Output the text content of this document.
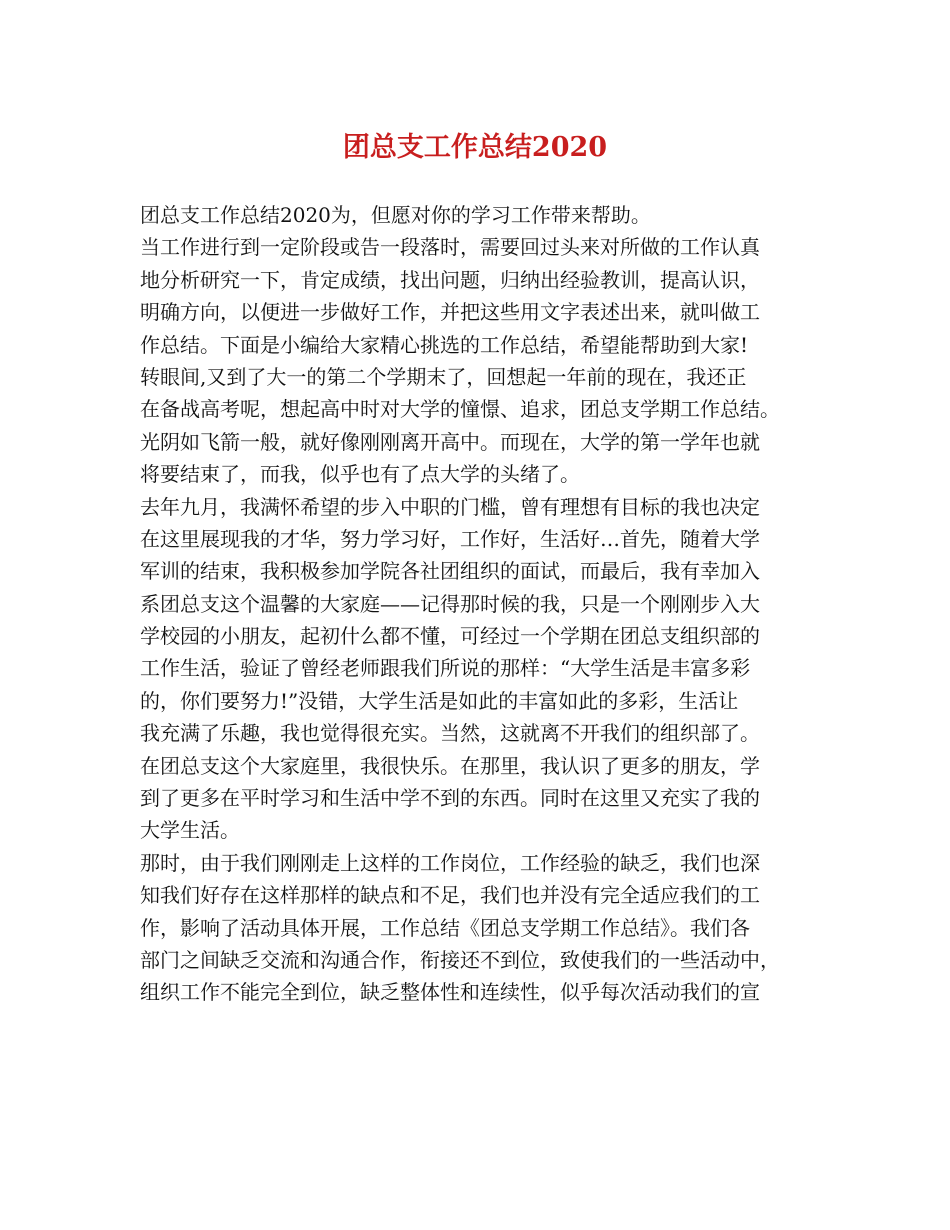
团总支工作总结2020
团总支工作总结2020为，但愿对你的学习工作带来帮助。
当工作进行到一定阶段或告一段落时，需要回过头来对所做的工作认真
地分析研究一下，肯定成绩，找出问题，归纳出经验教训，提高认识，
明确方向，以便进一步做好工作，并把这些用文字表述出来，就叫做工
作总结。下面是小编给大家精心挑选的工作总结，希望能帮助到大家!
转眼间,又到了大一的第二个学期末了，回想起一年前的现在，我还正
在备战高考呢，想起高中时对大学的憧憬、追求，团总支学期工作总结。
光阴如飞箭一般，就好像刚刚离开高中。而现在，大学的第一学年也就
将要结束了，而我，似乎也有了点大学的头绪了。
去年九月，我满怀希望的步入中职的门槛，曾有理想有目标的我也决定
在这里展现我的才华，努力学习好，工作好，生活好…首先，随着大学
军训的结束，我积极参加学院各社团组织的面试，而最后，我有幸加入
系团总支这个温馨的大家庭——记得那时候的我，只是一个刚刚步入大
学校园的小朋友，起初什么都不懂，可经过一个学期在团总支组织部的
工作生活，验证了曾经老师跟我们所说的那样：“大学生活是丰富多彩
的，你们要努力!”没错，大学生活是如此的丰富如此的多彩，生活让
我充满了乐趣，我也觉得很充实。当然，这就离不开我们的组织部了。
在团总支这个大家庭里，我很快乐。在那里，我认识了更多的朋友，学
到了更多在平时学习和生活中学不到的东西。同时在这里又充实了我的
大学生活。
那时，由于我们刚刚走上这样的工作岗位，工作经验的缺乏，我们也深
知我们好存在这样那样的缺点和不足，我们也并没有完全适应我们的工
作，影响了活动具体开展，工作总结《团总支学期工作总结》。我们各
部门之间缺乏交流和沟通合作，衔接还不到位，致使我们的一些活动中，
组织工作不能完全到位，缺乏整体性和连续性，似乎每次活动我们的宣
